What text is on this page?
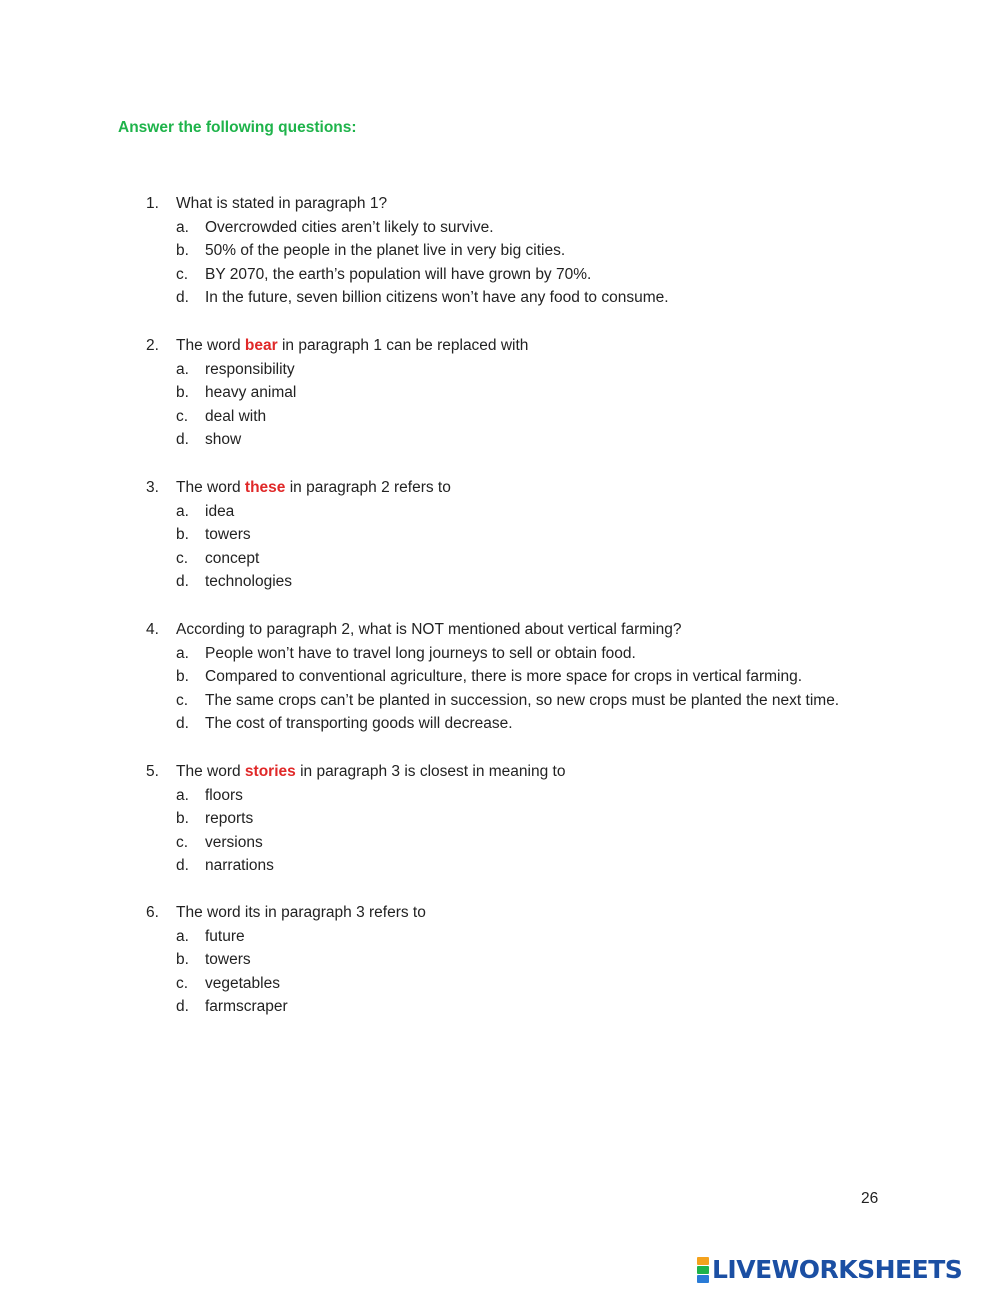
Answer the following questions:
1.	What is stated in paragraph 1?
a.	Overcrowded cities aren’t likely to survive.
b.	50% of the people in the planet live in very big cities.
c.	BY 2070, the earth’s population will have grown by 70%.
d.	In the future, seven billion citizens won’t have any food to consume.
2.	The word bear in paragraph 1 can be replaced with
a.	responsibility
b.	heavy animal
c.	deal with
d.	show
3.	The word these in paragraph 2 refers to
a.	idea
b.	towers
c.	concept
d.	technologies
4.	According to paragraph 2, what is NOT mentioned about vertical farming?
a.	People won’t have to travel long journeys to sell or obtain food.
b.	Compared to conventional agriculture, there is more space for crops in vertical farming.
c.	The same crops can’t be planted in succession, so new crops must be planted the next time.
d.	The cost of transporting goods will decrease.
5.	The word stories in paragraph 3 is closest in meaning to
a.	floors
b.	reports
c.	versions
d.	narrations
6.	The word its in paragraph 3 refers to
a.	future
b.	towers
c.	vegetables
d.	farmscraper
26
LIVEWORKSHEETS
